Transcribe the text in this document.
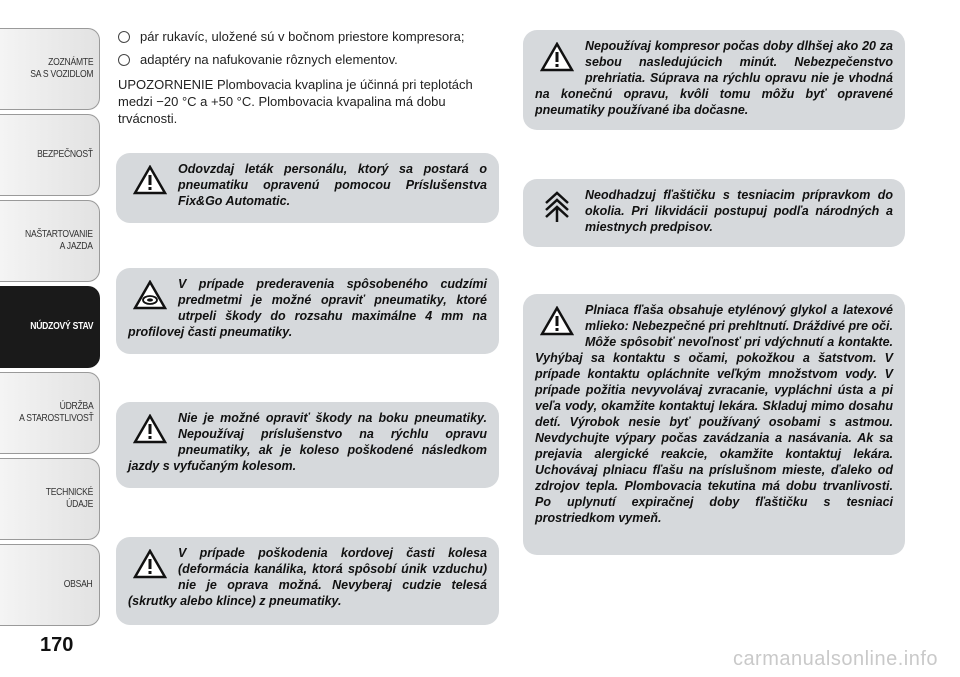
ZOZNÁMTE
SA S VOZIDLOM
BEZPEČNOSŤ
NAŠTARTOVANIE
A JAZDA
NÚDZOVÝ STAV
ÚDRŽBA
A STAROSTLIVOSŤ
TECHNICKÉ
ÚDAJE
OBSAH
170
pár rukavíc, uložené sú v bočnom priestore kompresora;
adaptéry na nafukovanie rôznych elementov.
UPOZORNENIE Plombovacia kvaplina je účinná pri teplotách medzi −20 °C a +50 °C. Plombovacia kvapalina má dobu trvácnosti.
Odovzdaj leták personálu, ktorý sa postará o pneumatiku opravenú pomocou Príslušenstva Fix&Go Automatic.
V prípade prederavenia spôsobeného cudzími predmetmi je možné opraviť pneumatiky, ktoré utrpeli škody do rozsahu maximálne 4 mm na profilovej časti pneumatiky.
Nie je možné opraviť škody na boku pneumatiky. Nepoužívaj príslušenstvo na rýchlu opravu pneumatiky, ak je koleso poškodené následkom jazdy s vyfučaným kolesom.
V prípade poškodenia kordovej časti kolesa (deformácia kanálika, ktorá spôsobí únik vzduchu) nie je oprava možná. Nevyberaj cudzie telesá (skrutky alebo klince) z pneumatiky.
Nepoužívaj kompresor počas doby dlhšej ako 20 za sebou nasledujúcich minút. Nebezpečenstvo prehriatia. Súprava na rýchlu opravu nie je vhodná na konečnú opravu, kvôli tomu môžu byť opravené pneumatiky používané iba dočasne.
Neodhadzuj fľaštičku s tesniacim prípravkom do okolia. Pri likvidácii postupuj podľa národných a miestnych predpisov.
Plniaca fľaša obsahuje etylénový glykol a latexové mlieko: Nebezpečné pri prehltnutí. Dráždivé pre oči. Môže spôsobiť nevoľnosť pri vdýchnutí a kontakte. Vyhýbaj sa kontaktu s očami, pokožkou a šatstvom. V prípade kontaktu opláchnite veľkým množstvom vody. V prípade požitia nevyvolávaj zvracanie, vypláchni ústa a pi veľa vody, okamžite kontaktuj lekára. Skladuj mimo dosahu detí. Výrobok nesie byť používaný osobami s astmou. Nevdychujte výpary počas zavádzania a nasávania. Ak sa prejavia alergické reakcie, okamžite kontaktuj lekára. Uchovávaj plniacu fľašu na príslušnom mieste, ďaleko od zdrojov tepla. Plombovacia tekutina má dobu trvanlivosti. Po uplynutí expiračnej doby fľaštičku s tesniaci prostriedkom vymeň.
carmanualsonline.info
